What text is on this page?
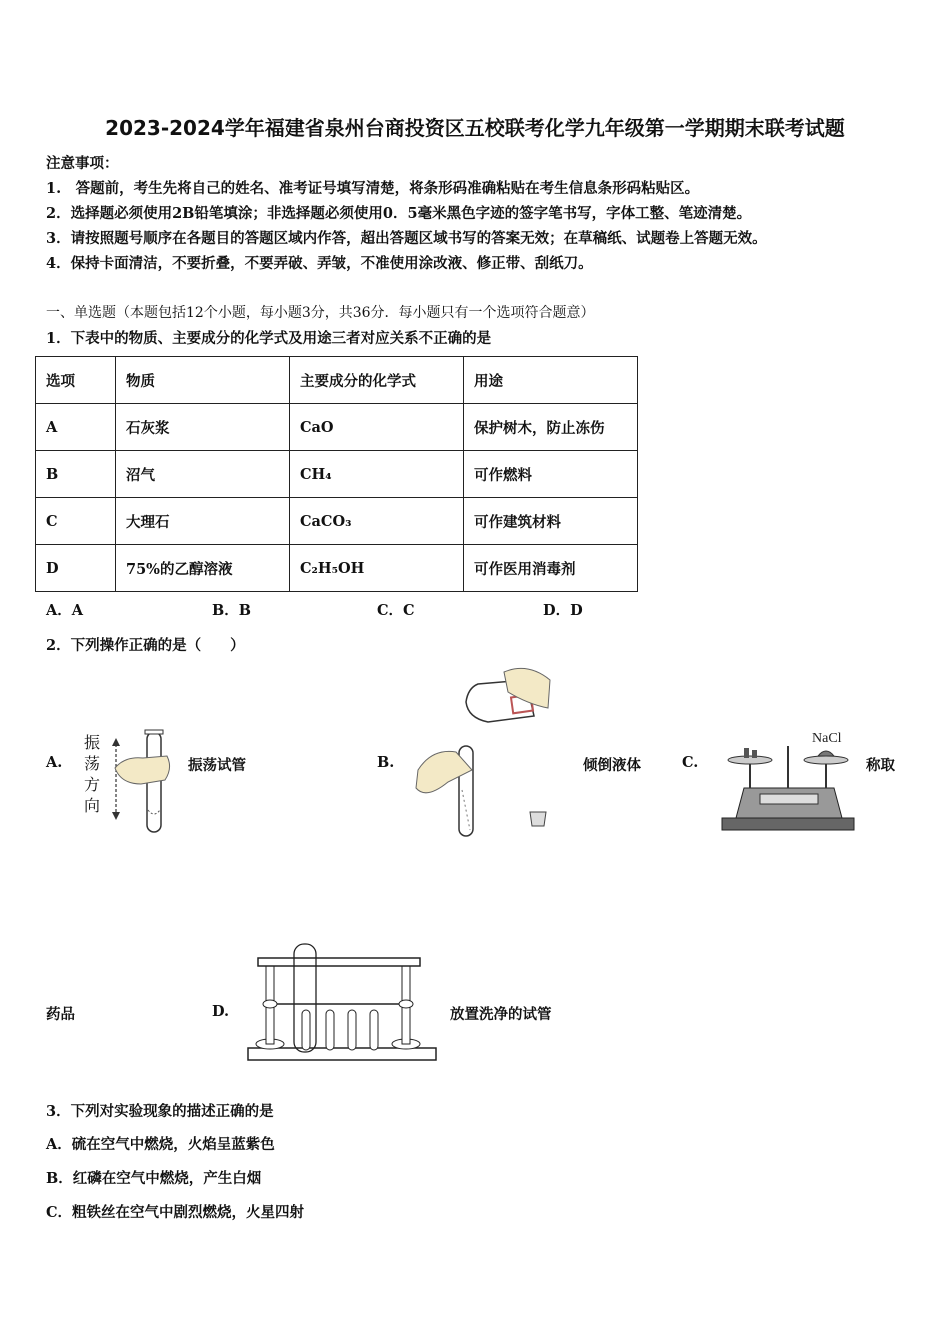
2023-2024学年福建省泉州台商投资区五校联考化学九年级第一学期期末联考试题
注意事项：
1.　答题前，考生先将自己的姓名、准考证号填写清楚，将条形码准确粘贴在考生信息条形码粘贴区。
2．选择题必须使用2B铅笔填涂；非选择题必须使用0．5毫米黑色字迹的签字笔书写，字体工整、笔迹清楚。
3．请按照题号顺序在各题目的答题区域内作答，超出答题区域书写的答案无效；在草稿纸、试题卷上答题无效。
4．保持卡面清洁，不要折叠，不要弄破、弄皱，不准使用涂改液、修正带、刮纸刀。
一、单选题（本题包括12个小题，每小题3分，共36分．每小题只有一个选项符合题意）
1．下表中的物质、主要成分的化学式及用途三者对应关系不正确的是
选项	物质	主要成分的化学式	用途
A	石灰浆	CaO	保护树木，防止冻伤
B	沼气	CH₄	可作燃料
C	大理石	CaCO₃	可作建筑材料
D	75%的乙醇溶液	C₂H₅OH	可作医用消毒剂
A．A	B．B	C．C	D．D
2．下列操作正确的是（　　）
A.
振
荡
方
向
振荡试管	B.	倾倒液体	C.
NaCl
称取
药品	D.	放置洗净的试管
3．下列对实验现象的描述正确的是
A．硫在空气中燃烧，火焰呈蓝紫色
B．红磷在空气中燃烧，产生白烟
C．粗铁丝在空气中剧烈燃烧，火星四射
